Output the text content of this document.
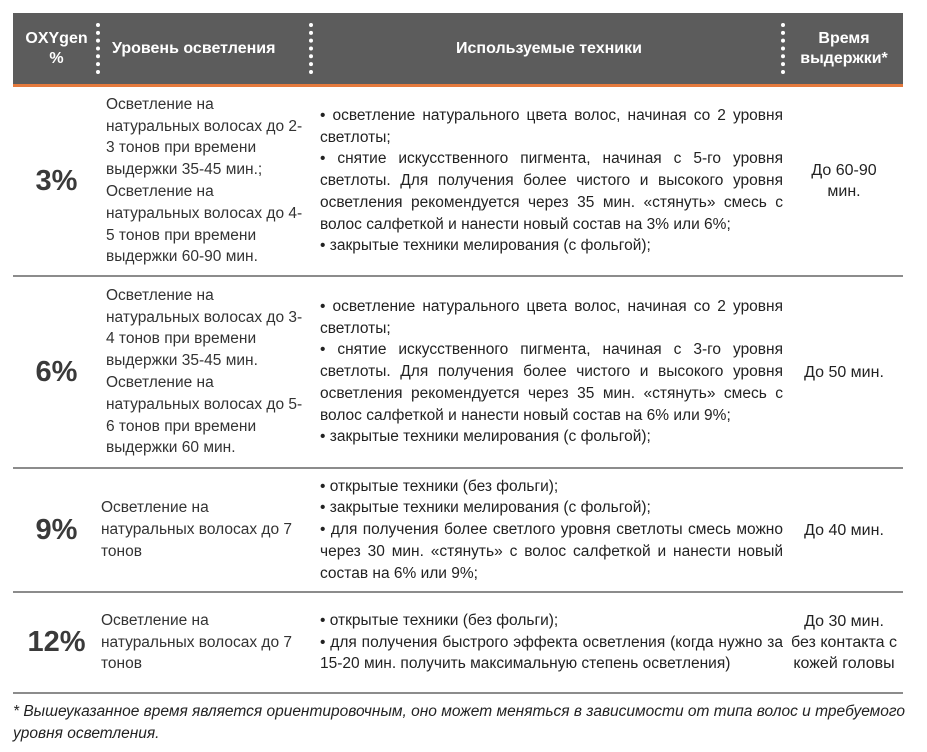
OXYgen %
Уровень осветления	Используемые техники
Время выдержки*
3%
Осветление на натуральных волосах до 2-3 тонов при времени выдержки 35-45 мин.; Осветление на натуральных волосах до 4-5 тонов при времени выдержки 60-90 мин.
• осветление натурального цвета волос, начиная со 2 уровня светлоты;
• снятие искусственного пигмента, начиная с 5-го уровня светлоты. Для получения более чистого и высокого уровня осветления рекомендуется через 35 мин. «стянуть» смесь с волос салфеткой и нанести новый состав на 3% или 6%;
• закрытые техники мелирования (с фольгой);
До 60-90 мин.
6%
Осветление на натуральных волосах до 3-4 тонов при времени выдержки 35-45 мин. Осветление на натуральных волосах до 5-6 тонов при времени выдержки 60 мин.
• осветление натурального цвета волос, начиная со 2 уровня светлоты;
• снятие искусственного пигмента, начиная с 3-го уровня светлоты. Для получения более чистого и высокого уровня осветления рекомендуется через 35 мин. «стянуть» смесь с волос салфеткой и нанести новый состав на 6% или 9%;
• закрытые техники мелирования (с фольгой);
До 50 мин.
9%
Осветление на натуральных волосах до 7 тонов
• открытые техники (без фольги);
• закрытые техники мелирования (с фольгой);
• для получения более светлого уровня светлоты смесь можно через 30 мин. «стянуть» с волос салфеткой и нанести новый состав на 6% или 9%;
До 40 мин.
12%
Осветление на натуральных волосах до 7 тонов
• открытые техники (без фольги);
• для получения быстрого эффекта осветления (когда нужно за 15-20 мин. получить максимальную степень осветления)
До 30 мин. без контакта с кожей головы
* Вышеуказанное время является ориентировочным, оно может меняться в зависимости от типа волос и требуемого уровня осветления.
